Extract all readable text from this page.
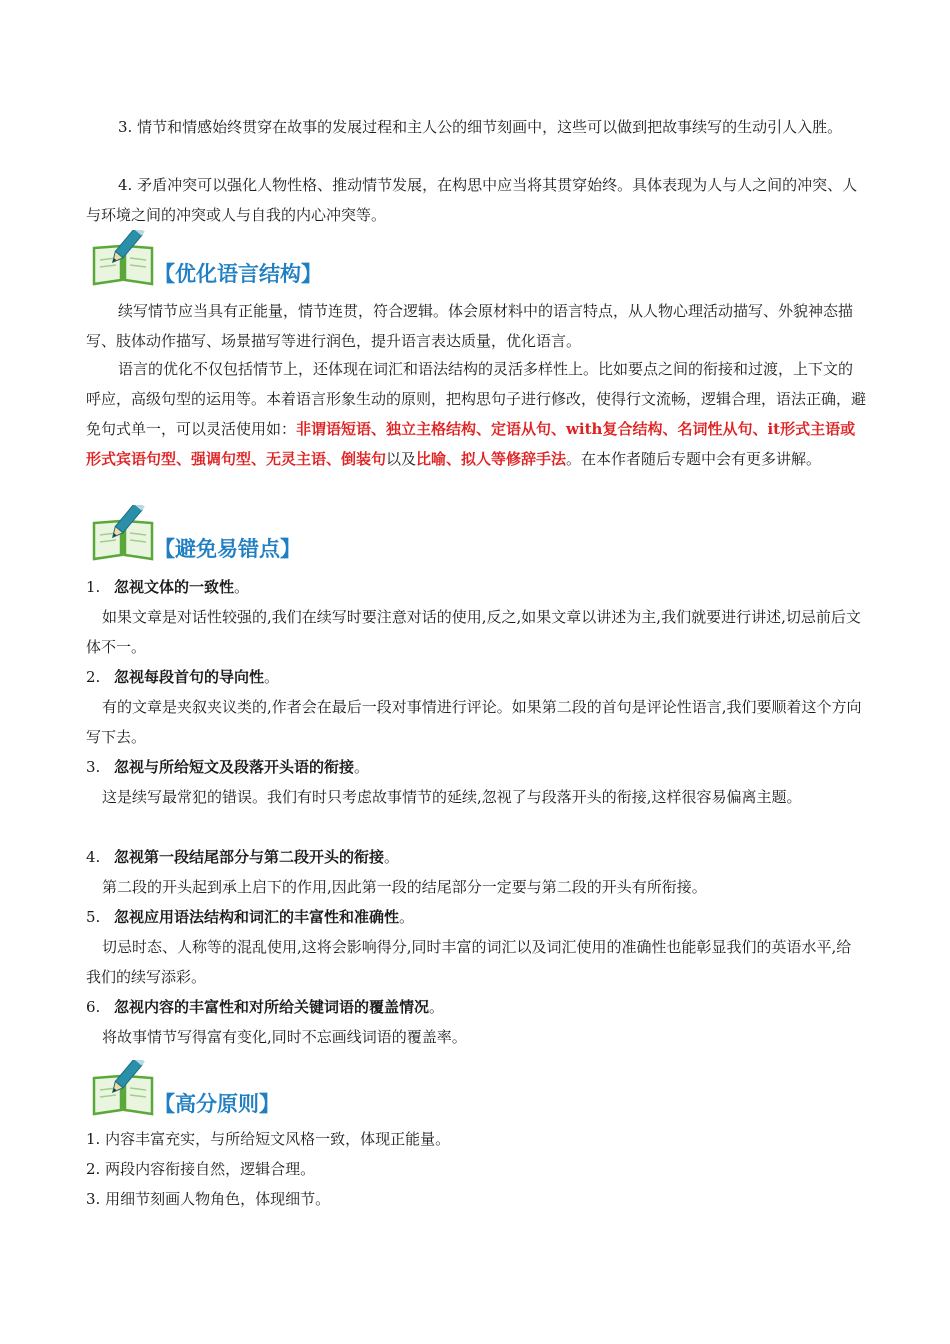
3. 情节和情感始终贯穿在故事的发展过程和主人公的细节刻画中，这些可以做到把故事续写的生动引人入胜。

4. 矛盾冲突可以强化人物性格、推动情节发展，在构思中应当将其贯穿始终。具体表现为人与人之间的冲突、人与环境之间的冲突或人与自我的内心冲突等。

【优化语言结构】

续写情节应当具有正能量，情节连贯，符合逻辑。体会原材料中的语言特点，从人物心理活动描写、外貌神态描写、肢体动作描写、场景描写等进行润色，提升语言表达质量，优化语言。

语言的优化不仅包括情节上，还体现在词汇和语法结构的灵活多样性上。比如要点之间的衔接和过渡，上下文的呼应，高级句型的运用等。本着语言形象生动的原则，把构思句子进行修改，使得行文流畅，逻辑合理，语法正确，避免句式单一，可以灵活使用如：非谓语短语、独立主格结构、定语从句、with复合结构、名词性从句、it形式主语或形式宾语句型、强调句型、无灵主语、倒装句以及比喻、拟人等修辞手法。在本作者随后专题中会有更多讲解。

【避免易错点】
1. 忽视文体的一致性。

如果文章是对话性较强的,我们在续写时要注意对话的使用,反之,如果文章以讲述为主,我们就要进行讲述,切忌前后文体不一。

2. 忽视每段首句的导向性。

有的文章是夹叙夹议类的,作者会在最后一段对事情进行评论。如果第二段的首句是评论性语言,我们要顺着这个方向写下去。

3. 忽视与所给短文及段落开头语的衔接。

这是续写最常犯的错误。我们有时只考虑故事情节的延续,忽视了与段落开头的衔接,这样很容易偏离主题。

4. 忽视第一段结尾部分与第二段开头的衔接。

第二段的开头起到承上启下的作用,因此第一段的结尾部分一定要与第二段的开头有所衔接。

5. 忽视应用语法结构和词汇的丰富性和准确性。

切忌时态、人称等的混乱使用,这将会影响得分,同时丰富的词汇以及词汇使用的准确性也能彰显我们的英语水平,给我们的续写添彩。

6. 忽视内容的丰富性和对所给关键词语的覆盖情况。

将故事情节写得富有变化,同时不忘画线词语的覆盖率。

【高分原则】

1. 内容丰富充实，与所给短文风格一致，体现正能量。

2. 两段内容衔接自然，逻辑合理。

3. 用细节刻画人物角色，体现细节。
